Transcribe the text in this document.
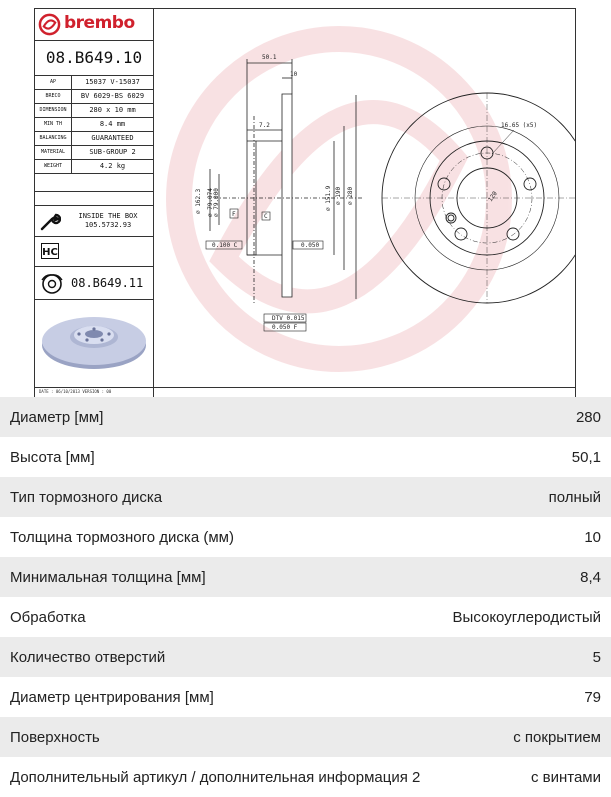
brembo
08.B649.10
AP	15037 V-15037
BRECO	BV 6029-BS 6029
DIMENSION	280 x 10 mm
MIN TH	8.4 mm
BALANCING	GUARANTEED
MATERIAL	SUB-GROUP 2
WEIGHT	4.2 kg
INSIDE THE BOX
105.5732.93
HC
08.B649.11
50.1
10
7.2
⌀ 162.3 ⌀ 79.074 ⌀ 79.000	⌀ 151.9 ⌀ 190 ⌀ 280
F	C
0.100 C	0.050
DTV 0.015
0.050 F
16.65 (x5)
120
DATE : 06/10/2013 VERSION : 00
Диаметр [мм]	280
Высота [мм]	50,1
Тип тормозного диска	полный
Толщина тормозного диска (мм)	10
Минимальная толщина [мм]	8,4
Обработка	Высокоуглеродистый
Количество отверстий	5
Диаметр центрирования [мм]	79
Поверхность	с покрытием
Дополнительный артикул / дополнительная информация 2	с винтами
